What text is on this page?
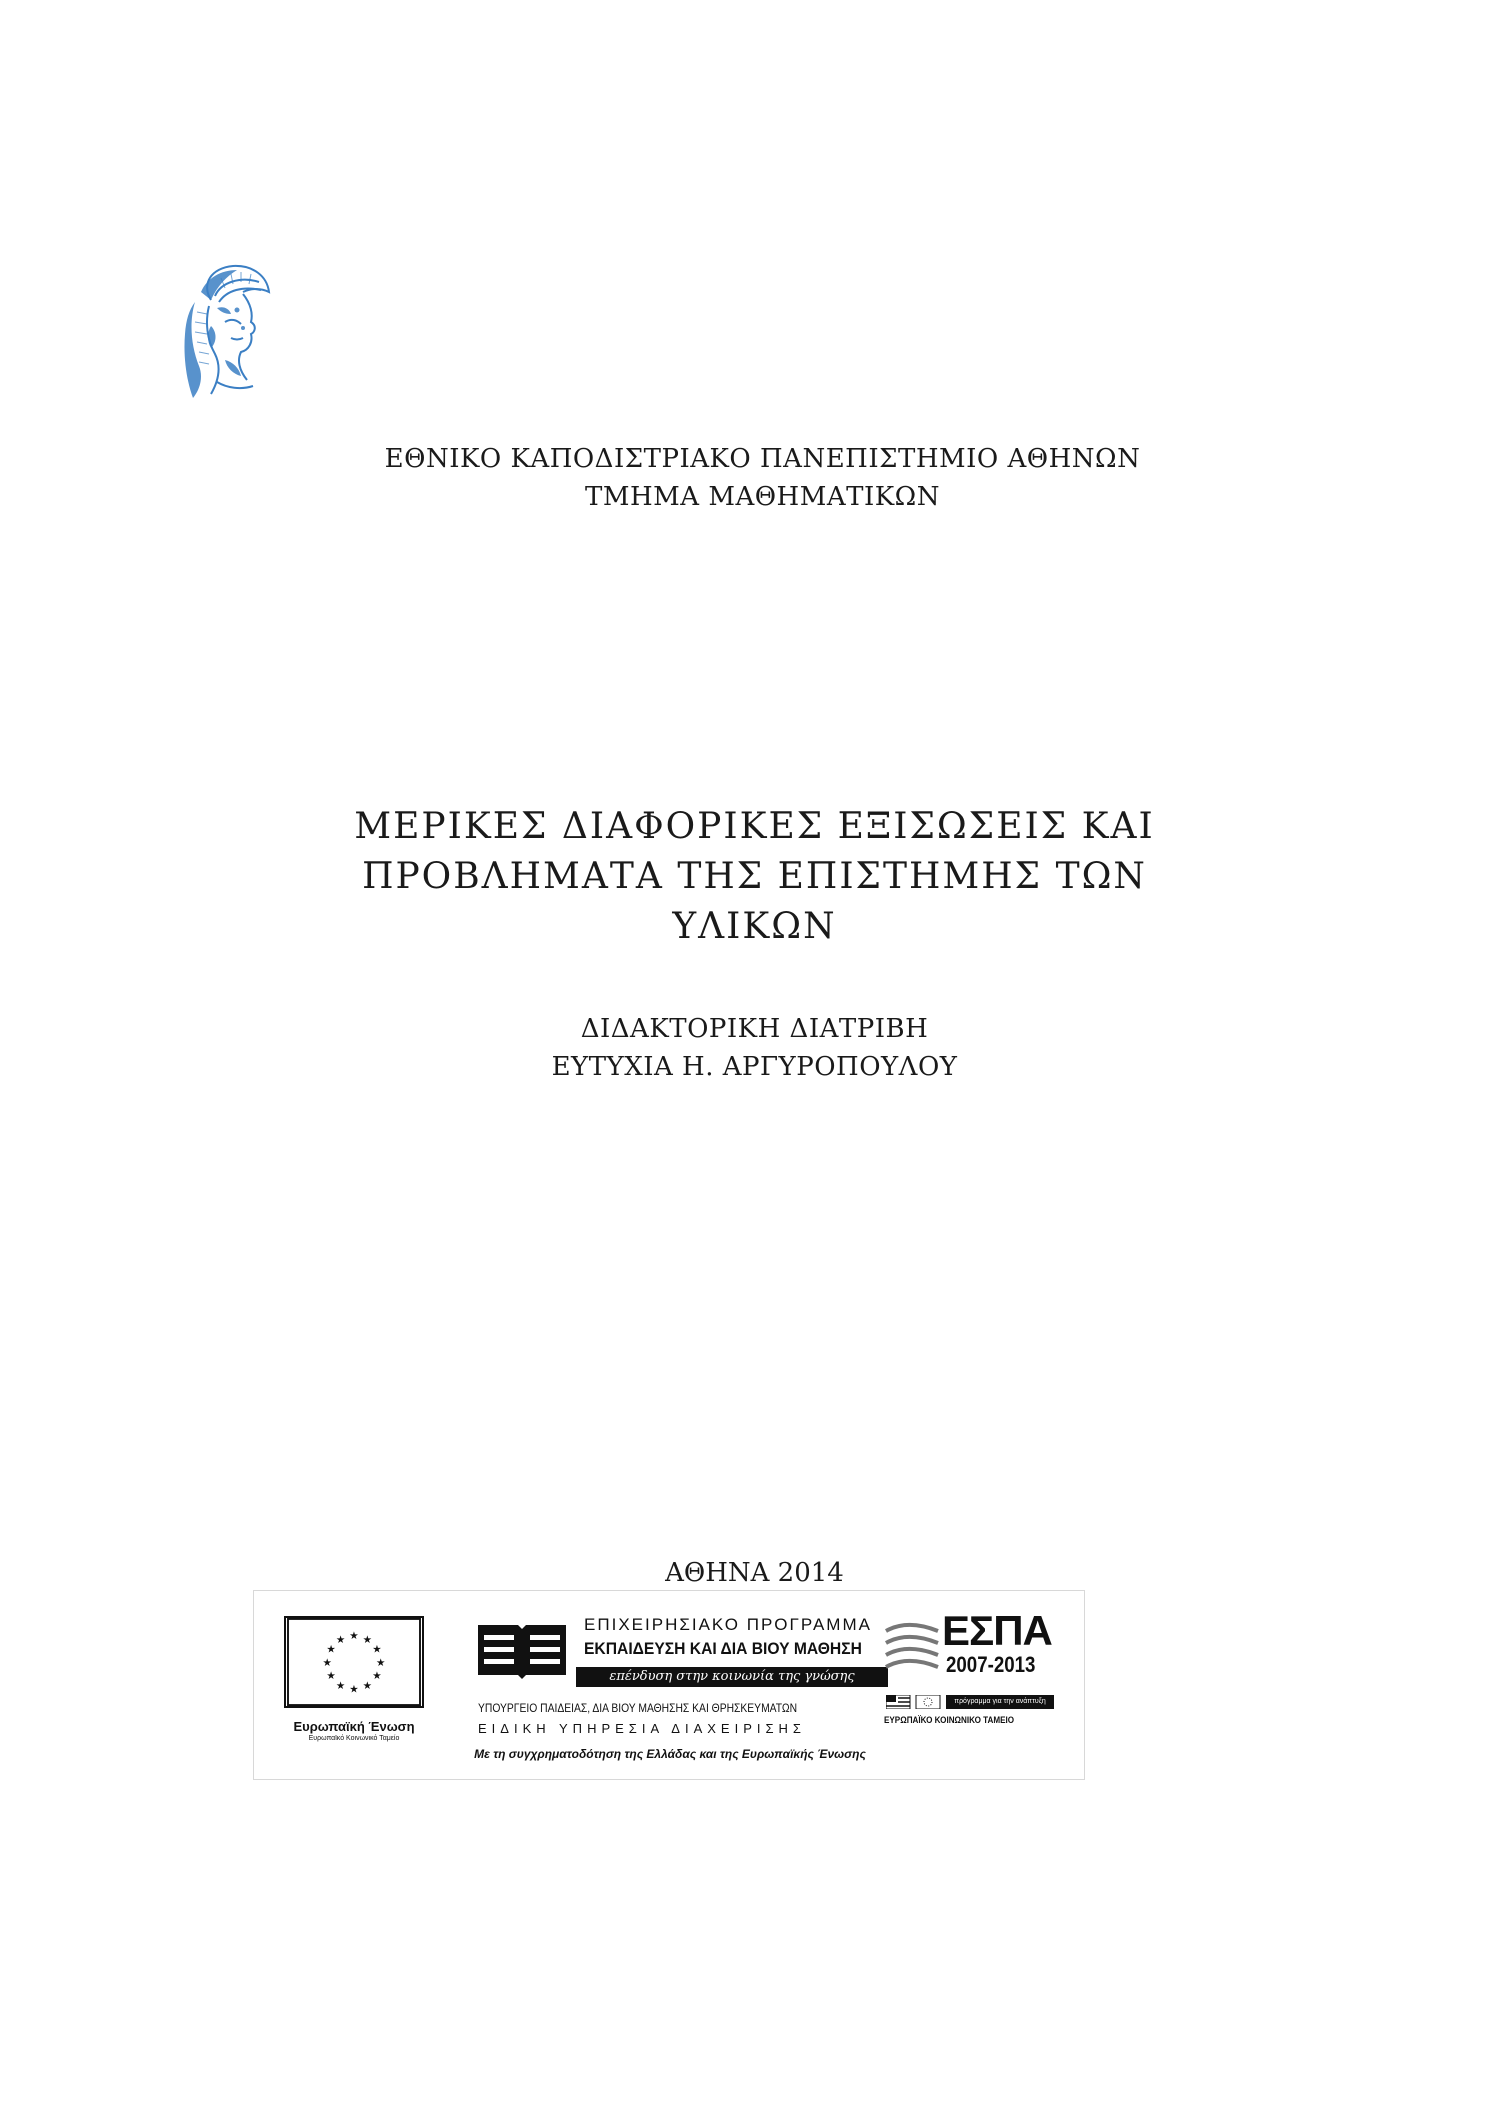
ΕΘΝΙΚΟ ΚΑΠΟΔΙΣΤΡΙΑΚΟ ΠΑΝΕΠΙΣΤΗΜΙΟ ΑΘΗΝΩΝ
ΤΜΗΜΑ ΜΑΘΗΜΑΤΙΚΩΝ
ΜΕΡΙΚΕΣ ΔΙΑΦΟΡΙΚΕΣ ΕΞΙΣΩΣΕΙΣ ΚΑΙ
ΠΡΟΒΛΗΜΑΤΑ ΤΗΣ ΕΠΙΣΤΗΜΗΣ ΤΩΝ
ΥΛΙΚΩΝ
ΔΙΔΑΚΤΟΡΙΚΗ ΔΙΑΤΡΙΒΗ
ΕΥΤΥΧΙΑ Η. ΑΡΓΥΡΟΠΟΥΛΟΥ
ΑΘΗΝΑ 2014
★ ★
★
★
★
★
★
★
★
★
★
★
Ευρωπαϊκή Ένωση
Ευρωπαϊκό Κοινωνικό Ταμείο
ΕΠΙΧΕΙΡΗΣΙΑΚΟ ΠΡΟΓΡΑΜΜΑ
ΕΚΠΑΙΔΕΥΣΗ ΚΑΙ ΔΙΑ ΒΙΟΥ ΜΑΘΗΣΗ
επένδυση στην κοινωνία της γνώσης
ΥΠΟΥΡΓΕΙΟ ΠΑΙΔΕΙΑΣ, ΔΙΑ ΒΙΟΥ ΜΑΘΗΣΗΣ ΚΑΙ ΘΡΗΣΚΕΥΜΑΤΩΝ
ΕΙΔΙΚΗ ΥΠΗΡΕΣΙΑ ΔΙΑΧΕΙΡΙΣΗΣ
ΕΣΠΑ
2007-2013
πρόγραμμα για την ανάπτυξη
ΕΥΡΩΠΑΪΚΟ ΚΟΙΝΩΝΙΚΟ ΤΑΜΕΙΟ
Με τη συγχρηματοδότηση της Ελλάδας και της Ευρωπαϊκής Ένωσης
